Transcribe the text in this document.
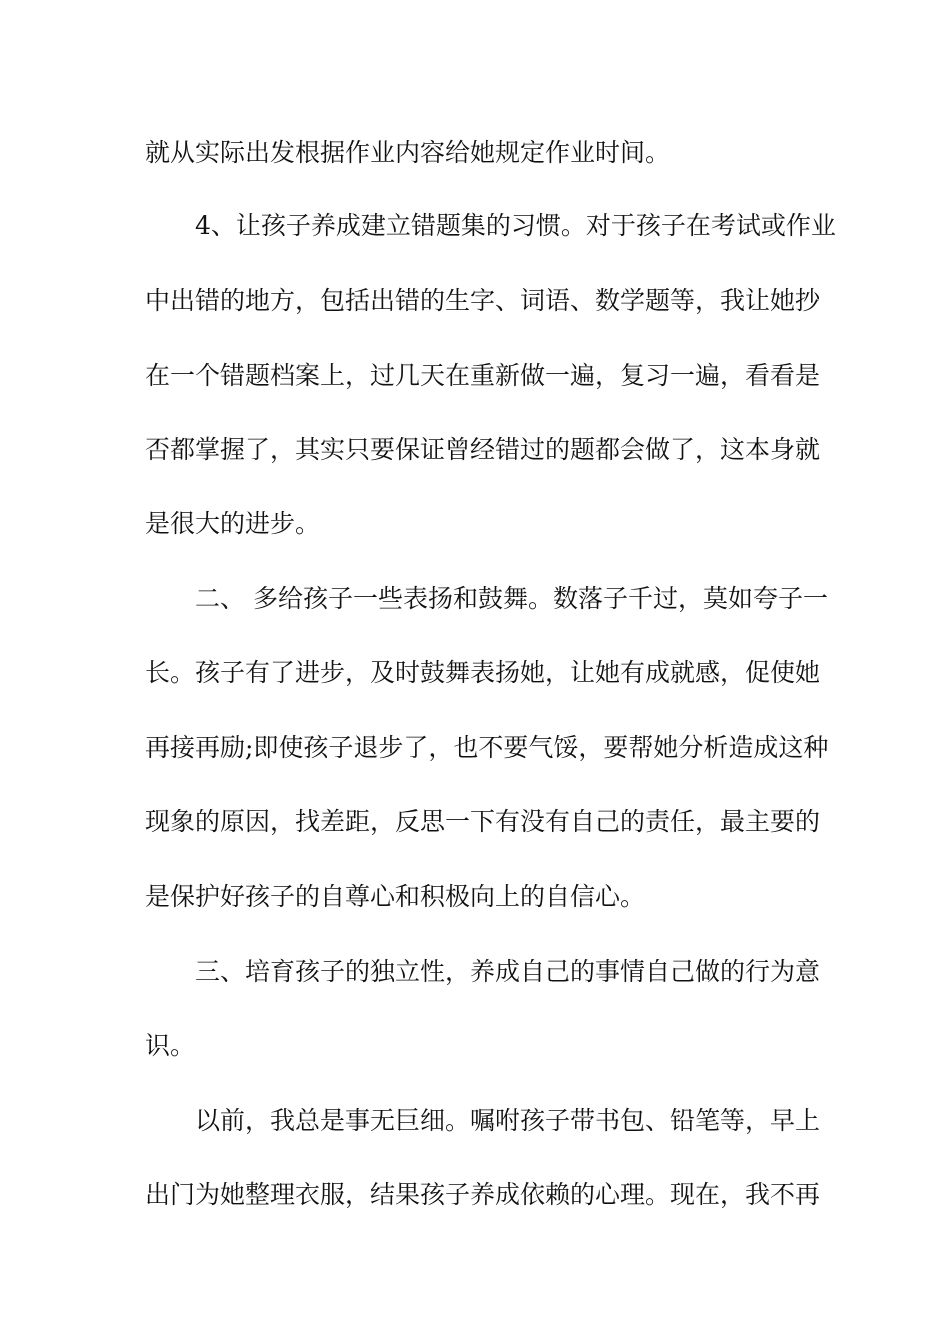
就从实际出发根据作业内容给她规定作业时间。
4、让孩子养成建立错题集的习惯。对于孩子在考试或作业
中出错的地方，包括出错的生字、词语、数学题等，我让她抄
在一个错题档案上，过几天在重新做一遍，复习一遍，看看是
否都掌握了，其实只要保证曾经错过的题都会做了，这本身就
是很大的进步。
二、 多给孩子一些表扬和鼓舞。数落子千过，莫如夸子一
长。孩子有了进步，及时鼓舞表扬她，让她有成就感，促使她
再接再励;即使孩子退步了，也不要气馁，要帮她分析造成这种
现象的原因，找差距，反思一下有没有自己的责任，最主要的
是保护好孩子的自尊心和积极向上的自信心。
三、培育孩子的独立性，养成自己的事情自己做的行为意
识。
以前，我总是事无巨细。嘱咐孩子带书包、铅笔等，早上
出门为她整理衣服，结果孩子养成依赖的心理。现在，我不再
